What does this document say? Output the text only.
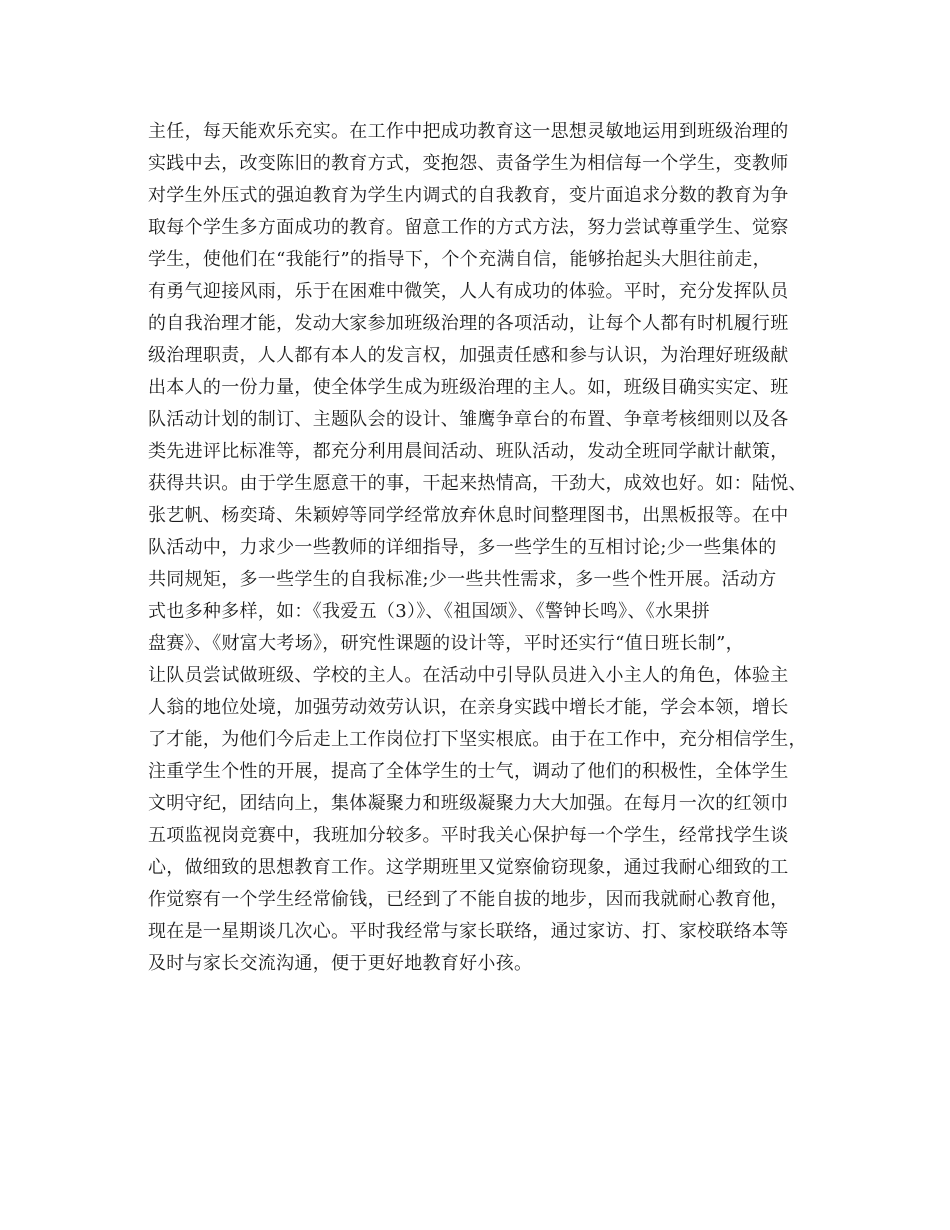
主任，每天能欢乐充实。在工作中把成功教育这一思想灵敏地运用到班级治理的
实践中去，改变陈旧的教育方式，变抱怨、责备学生为相信每一个学生，变教师
对学生外压式的强迫教育为学生内调式的自我教育，变片面追求分数的教育为争
取每个学生多方面成功的教育。留意工作的方式方法，努力尝试尊重学生、觉察
学生，使他们在“我能行”的指导下，个个充满自信，能够抬起头大胆往前走，
有勇气迎接风雨，乐于在困难中微笑，人人有成功的体验。平时，充分发挥队员
的自我治理才能，发动大家参加班级治理的各项活动，让每个人都有时机履行班
级治理职责，人人都有本人的发言权，加强责任感和参与认识，为治理好班级献
出本人的一份力量，使全体学生成为班级治理的主人。如，班级目确实实定、班
队活动计划的制订、主题队会的设计、雏鹰争章台的布置、争章考核细则以及各
类先进评比标准等，都充分利用晨间活动、班队活动，发动全班同学献计献策，
获得共识。由于学生愿意干的事，干起来热情高，干劲大，成效也好。如：陆悦、
张艺帆、杨奕琦、朱颖婷等同学经常放弃休息时间整理图书，出黑板报等。在中
队活动中，力求少一些教师的详细指导，多一些学生的互相讨论;少一些集体的
共同规矩，多一些学生的自我标准;少一些共性需求，多一些个性开展。活动方
式也多种多样，如：《我爱五（3）》、《祖国颂》、《警钟长鸣》、《水果拼
盘赛》、《财富大考场》，研究性课题的设计等，平时还实行“值日班长制”，
让队员尝试做班级、学校的主人。在活动中引导队员进入小主人的角色，体验主
人翁的地位处境，加强劳动效劳认识，在亲身实践中增长才能，学会本领，增长
了才能，为他们今后走上工作岗位打下坚实根底。由于在工作中，充分相信学生，
注重学生个性的开展，提高了全体学生的士气，调动了他们的积极性，全体学生
文明守纪，团结向上，集体凝聚力和班级凝聚力大大加强。在每月一次的红领巾
五项监视岗竞赛中，我班加分较多。平时我关心保护每一个学生，经常找学生谈
心，做细致的思想教育工作。这学期班里又觉察偷窃现象，通过我耐心细致的工
作觉察有一个学生经常偷钱，已经到了不能自拔的地步，因而我就耐心教育他，
现在是一星期谈几次心。平时我经常与家长联络，通过家访、打、家校联络本等
及时与家长交流沟通，便于更好地教育好小孩。
